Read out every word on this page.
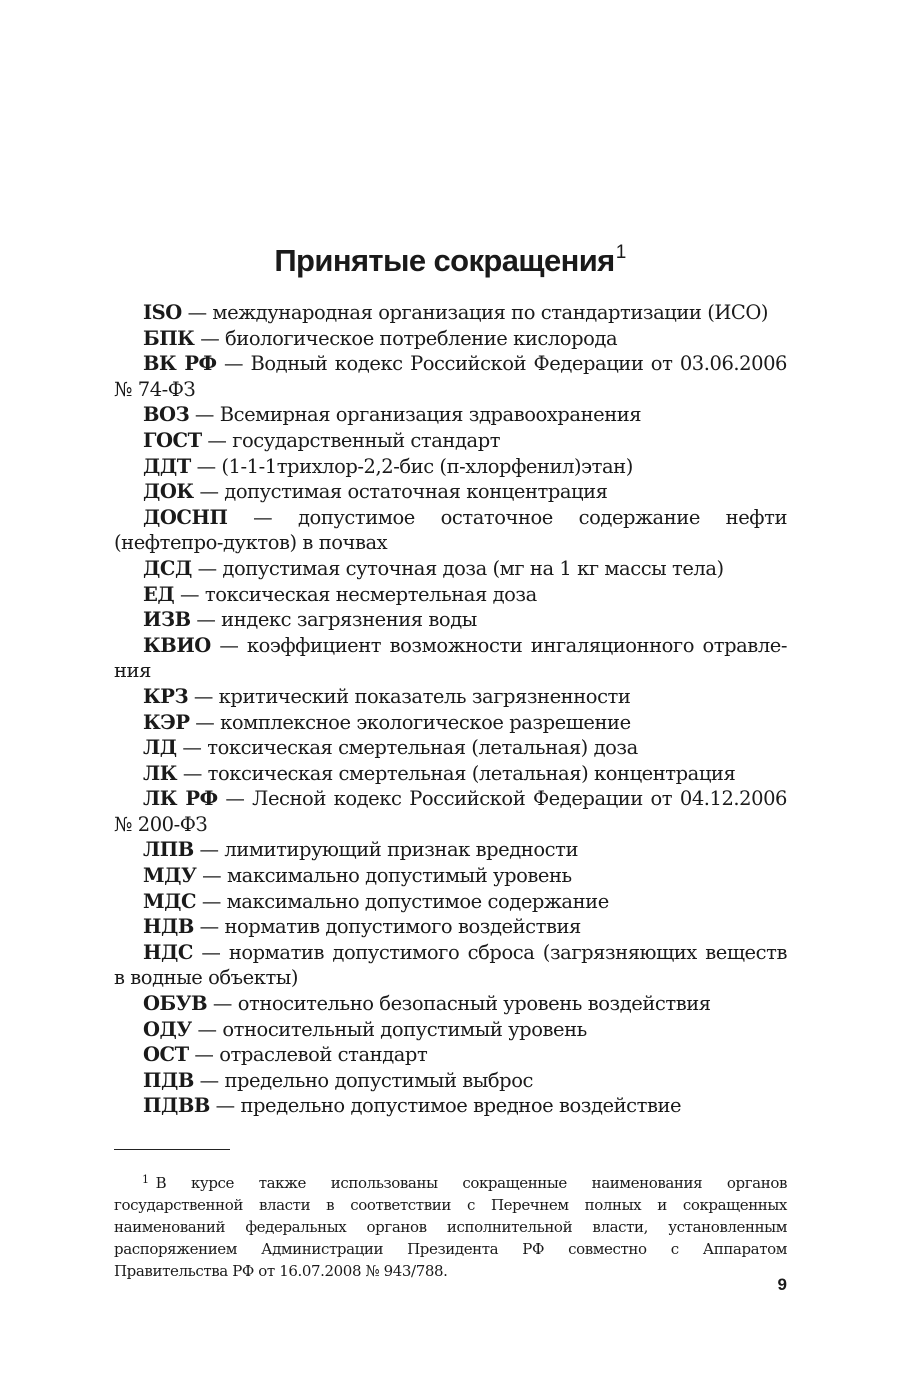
Принятые сокращения$^1$

ISO — международная организация по стандартизации (ИСО)

БПК — биологическое потребление кислорода

ВК РФ — Водный кодекс Российской Федерации от 03.06.2006 № 74-ФЗ

ВОЗ — Всемирная организация здравоохранения

ГОСТ — государственный стандарт

ДДТ — (1-1-1трихлор-2,2-бис (п-хлорфенил)этан)

ДОК — допустимая остаточная концентрация

ДОСНП — допустимое остаточное содержание нефти (нефтепро-дуктов) в почвах

ДСД — допустимая суточная доза (мг на 1 кг массы тела)

ЕД — токсическая несмертельная доза

ИЗВ — индекс загрязнения воды

КВИО — коэффициент возможности ингаляционного отравле-ния

КРЗ — критический показатель загрязненности

КЭР — комплексное экологическое разрешение

ЛД — токсическая смертельная (летальная) доза

ЛК — токсическая смертельная (летальная) концентрация

ЛК РФ — Лесной кодекс Российской Федерации от 04.12.2006 № 200-ФЗ

ЛПВ — лимитирующий признак вредности

МДУ — максимально допустимый уровень

МДС — максимально допустимое содержание

НДВ — норматив допустимого воздействия

НДС — норматив допустимого сброса (загрязняющих веществ в водные объекты)

ОБУВ — относительно безопасный уровень воздействия

ОДУ — относительный допустимый уровень

ОСТ — отраслевой стандарт

ПДВ — предельно допустимый выброс

ПДВВ — предельно допустимое вредное воздействие

$^1$ В курсе также использованы сокращенные наименования органов государственной власти в соответствии с Перечнем полных и сокращенных наименований федеральных органов исполнительной власти, установленным распоряжением Администрации Президента РФ совместно с Аппаратом Правительства РФ от 16.07.2008 № 943/788.

9
